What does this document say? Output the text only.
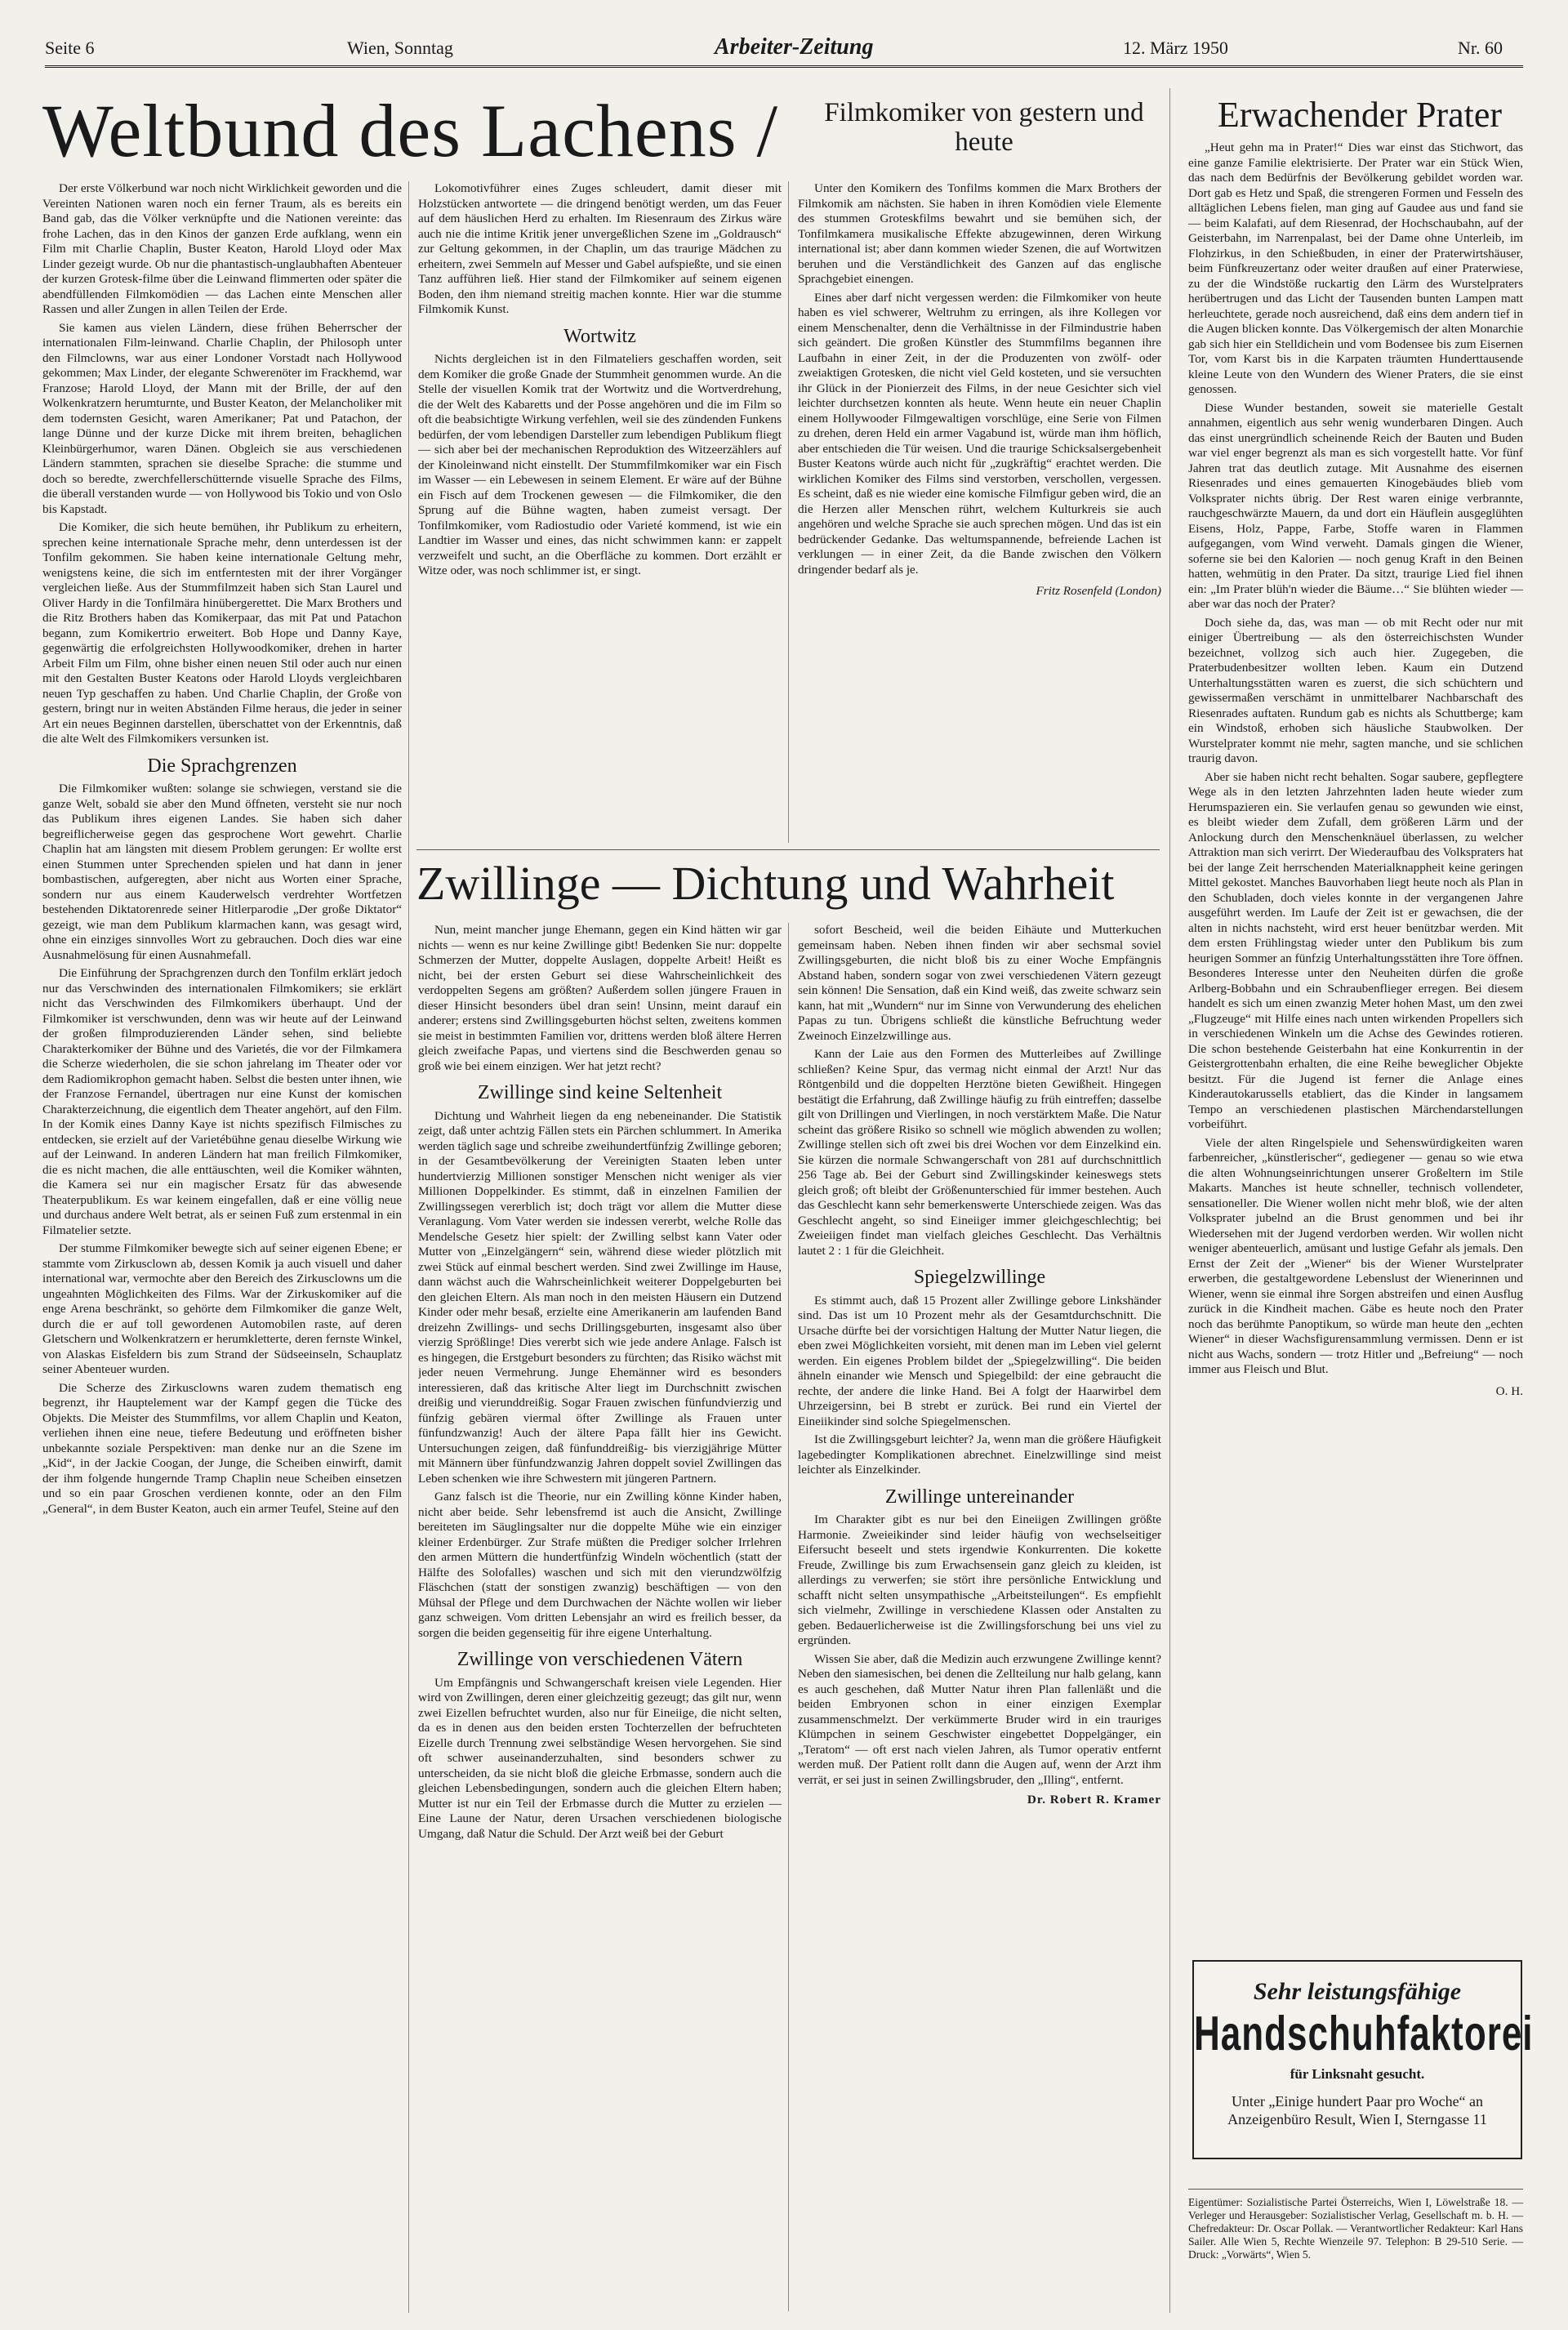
Seite 6	Wien, Sonntag	Arbeiter-Zeitung	12. März 1950	Nr. 60
Weltbund des Lachens /	Filmkomiker von gestern und heute
Erwachender Prater

Der erste Völkerbund war noch nicht Wirklichkeit geworden und die Vereinten Nationen waren noch ein ferner Traum, als es bereits ein Band gab, das die Völker verknüpfte und die Nationen vereinte: das frohe Lachen, das in den Kinos der ganzen Erde aufklang, wenn ein Film mit Charlie Chaplin, Buster Keaton, Harold Lloyd oder Max Linder gezeigt wurde. Ob nur die phantastisch-unglaubhaften Abenteuer der kurzen Grotesk-filme über die Leinwand flimmerten oder später die abendfüllenden Filmkomödien — das Lachen einte Menschen aller Rassen und aller Zungen in allen Teilen der Erde.

Sie kamen aus vielen Ländern, diese frühen Beherrscher der internationalen Film-leinwand. Charlie Chaplin, der Philosoph unter den Filmclowns, war aus einer Londoner Vorstadt nach Hollywood gekommen; Max Linder, der elegante Schwerenöter im Frackhemd, war Franzose; Harold Lloyd, der Mann mit der Brille, der auf den Wolkenkratzern herumturnte, und Buster Keaton, der Melancholiker mit dem todernsten Gesicht, waren Amerikaner; Pat und Patachon, der lange Dünne und der kurze Dicke mit ihrem breiten, behaglichen Kleinbürgerhumor, waren Dänen. Obgleich sie aus verschiedenen Ländern stammten, sprachen sie dieselbe Sprache: die stumme und doch so beredte, zwerchfellerschütternde visuelle Sprache des Films, die überall verstanden wurde — von Hollywood bis Tokio und von Oslo bis Kapstadt.

Die Komiker, die sich heute bemühen, ihr Publikum zu erheitern, sprechen keine internationale Sprache mehr, denn unterdessen ist der Tonfilm gekommen. Sie haben keine internationale Geltung mehr, wenigstens keine, die sich im entferntesten mit der ihrer Vorgänger vergleichen ließe. Aus der Stummfilmzeit haben sich Stan Laurel und Oliver Hardy in die Tonfilmära hinübergerettet. Die Marx Brothers und die Ritz Brothers haben das Komikerpaar, das mit Pat und Patachon begann, zum Komikertrio erweitert. Bob Hope und Danny Kaye, gegenwärtig die erfolgreichsten Hollywoodkomiker, drehen in harter Arbeit Film um Film, ohne bisher einen neuen Stil oder auch nur einen mit den Gestalten Buster Keatons oder Harold Lloyds vergleichbaren neuen Typ geschaffen zu haben. Und Charlie Chaplin, der Große von gestern, bringt nur in weiten Abständen Filme heraus, die jeder in seiner Art ein neues Beginnen darstellen, überschattet von der Erkenntnis, daß die alte Welt des Filmkomikers versunken ist.

Die Sprachgrenzen

Die Filmkomiker wußten: solange sie schwiegen, verstand sie die ganze Welt, sobald sie aber den Mund öffneten, versteht sie nur noch das Publikum ihres eigenen Landes. Sie haben sich daher begreiflicherweise gegen das gesprochene Wort gewehrt. Charlie Chaplin hat am längsten mit diesem Problem gerungen: Er wollte erst einen Stummen unter Sprechenden spielen und hat dann in jener bombastischen, aufgeregten, aber nicht aus Worten einer Sprache, sondern nur aus einem Kauderwelsch verdrehter Wortfetzen bestehenden Diktatorenrede seiner Hitlerparodie „Der große Diktator“ gezeigt, wie man dem Publikum klarmachen kann, was gesagt wird, ohne ein einziges sinnvolles Wort zu gebrauchen. Doch dies war eine Ausnahmelösung für einen Ausnahmefall.

Die Einführung der Sprachgrenzen durch den Tonfilm erklärt jedoch nur das Verschwinden des internationalen Filmkomikers; sie erklärt nicht das Verschwinden des Filmkomikers überhaupt. Und der Filmkomiker ist verschwunden, denn was wir heute auf der Leinwand der großen filmproduzierenden Länder sehen, sind beliebte Charakterkomiker der Bühne und des Varietés, die vor der Filmkamera die Scherze wiederholen, die sie schon jahrelang im Theater oder vor dem Radiomikrophon gemacht haben. Selbst die besten unter ihnen, wie der Franzose Fernandel, übertragen nur eine Kunst der komischen Charakterzeichnung, die eigentlich dem Theater angehört, auf den Film. In der Komik eines Danny Kaye ist nichts spezifisch Filmisches zu entdecken, sie erzielt auf der Varietébühne genau dieselbe Wirkung wie auf der Leinwand. In anderen Ländern hat man freilich Filmkomiker, die es nicht machen, die alle enttäuschten, weil die Komiker wähnten, die Kamera sei nur ein magischer Ersatz für das abwesende Theaterpublikum. Es war keinem eingefallen, daß er eine völlig neue und durchaus andere Welt betrat, als er seinen Fuß zum erstenmal in ein Filmatelier setzte.

Der stumme Filmkomiker bewegte sich auf seiner eigenen Ebene; er stammte vom Zirkusclown ab, dessen Komik ja auch visuell und daher international war, vermochte aber den Bereich des Zirkusclowns um die ungeahnten Möglichkeiten des Films. War der Zirkuskomiker auf die enge Arena beschränkt, so gehörte dem Filmkomiker die ganze Welt, durch die er auf toll gewordenen Automobilen raste, auf deren Gletschern und Wolkenkratzern er herumkletterte, deren fernste Winkel, von Alaskas Eisfeldern bis zum Strand der Südseeinseln, Schauplatz seiner Abenteuer wurden.

Die Scherze des Zirkusclowns waren zudem thematisch eng begrenzt, ihr Hauptelement war der Kampf gegen die Tücke des Objekts. Die Meister des Stummfilms, vor allem Chaplin und Keaton, verliehen ihnen eine neue, tiefere Bedeutung und eröffneten bisher unbekannte soziale Perspektiven: man denke nur an die Szene im „Kid“, in der Jackie Coogan, der Junge, die Scheiben einwirft, damit der ihm folgende hungernde Tramp Chaplin neue Scheiben einsetzen und so ein paar Groschen verdienen konnte, oder an den Film „General“, in dem Buster Keaton, auch ein armer Teufel, Steine auf den

Lokomotivführer eines Zuges schleudert, damit dieser mit Holzstücken antwortete — die dringend benötigt werden, um das Feuer auf dem häuslichen Herd zu erhalten. Im Riesenraum des Zirkus wäre auch nie die intime Kritik jener unvergeßlichen Szene im „Goldrausch“ zur Geltung gekommen, in der Chaplin, um das traurige Mädchen zu erheitern, zwei Semmeln auf Messer und Gabel aufspießte, und sie einen Tanz aufführen ließ. Hier stand der Filmkomiker auf seinem eigenen Boden, den ihm niemand streitig machen konnte. Hier war die stumme Filmkomik Kunst.

Wortwitz

Nichts dergleichen ist in den Filmateliers geschaffen worden, seit dem Komiker die große Gnade der Stummheit genommen wurde. An die Stelle der visuellen Komik trat der Wortwitz und die Wortverdrehung, die der Welt des Kabaretts und der Posse angehören und die im Film so oft die beabsichtigte Wirkung verfehlen, weil sie des zündenden Funkens bedürfen, der vom lebendigen Darsteller zum lebendigen Publikum fliegt — sich aber bei der mechanischen Reproduktion des Witzeerzählers auf der Kinoleinwand nicht einstellt. Der Stummfilmkomiker war ein Fisch im Wasser — ein Lebewesen in seinem Element. Er wäre auf der Bühne ein Fisch auf dem Trockenen gewesen — die Filmkomiker, die den Sprung auf die Bühne wagten, haben zumeist versagt. Der Tonfilmkomiker, vom Radiostudio oder Varieté kommend, ist wie ein Landtier im Wasser und eines, das nicht schwimmen kann: er zappelt verzweifelt und sucht, an die Oberfläche zu kommen. Dort erzählt er Witze oder, was noch schlimmer ist, er singt.

Unter den Komikern des Tonfilms kommen die Marx Brothers der Filmkomik am nächsten. Sie haben in ihren Komödien viele Elemente des stummen Groteskfilms bewahrt und sie bemühen sich, der Tonfilmkamera musikalische Effekte abzugewinnen, deren Wirkung international ist; aber dann kommen wieder Szenen, die auf Wortwitzen beruhen und die Verständlichkeit des Ganzen auf das englische Sprachgebiet einengen.

Eines aber darf nicht vergessen werden: die Filmkomiker von heute haben es viel schwerer, Weltruhm zu erringen, als ihre Kollegen vor einem Menschenalter, denn die Verhältnisse in der Filmindustrie haben sich geändert. Die großen Künstler des Stummfilms begannen ihre Laufbahn in einer Zeit, in der die Produzenten von zwölf- oder zweiaktigen Grotesken, die nicht viel Geld kosteten, und sie versuchten ihr Glück in der Pionierzeit des Films, in der neue Gesichter sich viel leichter durchsetzen konnten als heute. Wenn heute ein neuer Chaplin einem Hollywooder Filmgewaltigen vorschlüge, eine Serie von Filmen zu drehen, deren Held ein armer Vagabund ist, würde man ihm höflich, aber entschieden die Tür weisen. Und die traurige Schicksalsergebenheit Buster Keatons würde auch nicht für „zugkräftig“ erachtet werden. Die wirklichen Komiker des Films sind verstorben, verschollen, vergessen. Es scheint, daß es nie wieder eine komische Filmfigur geben wird, die an die Herzen aller Menschen rührt, welchem Kulturkreis sie auch angehören und welche Sprache sie auch sprechen mögen. Und das ist ein bedrückender Gedanke. Das weltumspannende, befreiende Lachen ist verklungen — in einer Zeit, da die Bande zwischen den Völkern dringender bedarf als je.

Fritz Rosenfeld (London)
Zwillinge — Dichtung und Wahrheit

Nun, meint mancher junge Ehemann, gegen ein Kind hätten wir gar nichts — wenn es nur keine Zwillinge gibt! Bedenken Sie nur: doppelte Schmerzen der Mutter, doppelte Auslagen, doppelte Arbeit! Heißt es nicht, bei der ersten Geburt sei diese Wahrscheinlichkeit des verdoppelten Segens am größten? Außerdem sollen jüngere Frauen in dieser Hinsicht besonders übel dran sein! Unsinn, meint darauf ein anderer; erstens sind Zwillingsgeburten höchst selten, zweitens kommen sie meist in bestimmten Familien vor, drittens werden bloß ältere Herren gleich zweifache Papas, und viertens sind die Beschwerden genau so groß wie bei einem einzigen. Wer hat jetzt recht?

Zwillinge sind keine Seltenheit

Dichtung und Wahrheit liegen da eng nebeneinander. Die Statistik zeigt, daß unter achtzig Fällen stets ein Pärchen schlummert. In Amerika werden täglich sage und schreibe zweihundertfünfzig Zwillinge geboren; in der Gesamtbevölkerung der Vereinigten Staaten leben unter hundertvierzig Millionen sonstiger Menschen nicht weniger als vier Millionen Doppelkinder. Es stimmt, daß in einzelnen Familien der Zwillingssegen vererblich ist; doch trägt vor allem die Mutter diese Veranlagung. Vom Vater werden sie indessen vererbt, welche Rolle das Mendelsche Gesetz hier spielt: der Zwilling selbst kann Vater oder Mutter von „Einzelgängern“ sein, während diese wieder plötzlich mit zwei Stück auf einmal beschert werden. Sind zwei Zwillinge im Hause, dann wächst auch die Wahrscheinlichkeit weiterer Doppelgeburten bei den gleichen Eltern. Als man noch in den meisten Häusern ein Dutzend Kinder oder mehr besaß, erzielte eine Amerikanerin am laufenden Band dreizehn Zwillings- und sechs Drillingsgeburten, insgesamt also über vierzig Sprößlinge! Dies vererbt sich wie jede andere Anlage. Falsch ist es hingegen, die Erstgeburt besonders zu fürchten; das Risiko wächst mit jeder neuen Vermehrung. Junge Ehemänner wird es besonders interessieren, daß das kritische Alter liegt im Durchschnitt zwischen dreißig und vierunddreißig. Sogar Frauen zwischen fünfundvierzig und fünfzig gebären viermal öfter Zwillinge als Frauen unter fünfundzwanzig! Auch der ältere Papa fällt hier ins Gewicht. Untersuchungen zeigen, daß fünfunddreißig- bis vierzigjährige Mütter mit Männern über fünfundzwanzig Jahren doppelt soviel Zwillingen das Leben schenken wie ihre Schwestern mit jüngeren Partnern.

Ganz falsch ist die Theorie, nur ein Zwilling könne Kinder haben, nicht aber beide. Sehr lebensfremd ist auch die Ansicht, Zwillinge bereiteten im Säuglingsalter nur die doppelte Mühe wie ein einziger kleiner Erdenbürger. Zur Strafe müßten die Prediger solcher Irrlehren den armen Müttern die hundertfünfzig Windeln wöchentlich (statt der Hälfte des Solofalles) waschen und sich mit den vierundzwölfzig Fläschchen (statt der sonstigen zwanzig) beschäftigen — von den Mühsal der Pflege und dem Durchwachen der Nächte wollen wir lieber ganz schweigen. Vom dritten Lebensjahr an wird es freilich besser, da sorgen die beiden gegenseitig für ihre eigene Unterhaltung.

Zwillinge von verschiedenen Vätern

Um Empfängnis und Schwangerschaft kreisen viele Legenden. Hier wird von Zwillingen, deren einer gleichzeitig gezeugt; das gilt nur, wenn zwei Eizellen befruchtet wurden, also nur für Eineiige, die nicht selten, da es in denen aus den beiden ersten Tochterzellen der befruchteten Eizelle durch Trennung zwei selbständige Wesen hervorgehen. Sie sind oft schwer auseinanderzuhalten, sind besonders schwer zu unterscheiden, da sie nicht bloß die gleiche Erbmasse, sondern auch die gleichen Lebensbedingungen, sondern auch die gleichen Eltern haben; Mutter ist nur ein Teil der Erbmasse durch die Mutter zu erzielen — Eine Laune der Natur, deren Ursachen verschiedenen biologische Umgang, daß Natur die Schuld. Der Arzt weiß bei der Geburt

sofort Bescheid, weil die beiden Eihäute und Mutterkuchen gemeinsam haben. Neben ihnen finden wir aber sechsmal soviel Zwillingsgeburten, die nicht bloß bis zu einer Woche Empfängnis Abstand haben, sondern sogar von zwei verschiedenen Vätern gezeugt sein können! Die Sensation, daß ein Kind weiß, das zweite schwarz sein kann, hat mit „Wundern“ nur im Sinne von Verwunderung des ehelichen Papas zu tun. Übrigens schließt die künstliche Befruchtung weder Zweinoch Einzelzwillinge aus.

Kann der Laie aus den Formen des Mutterleibes auf Zwillinge schließen? Keine Spur, das vermag nicht einmal der Arzt! Nur das Röntgenbild und die doppelten Herztöne bieten Gewißheit. Hingegen bestätigt die Erfahrung, daß Zwillinge häufig zu früh eintreffen; dasselbe gilt von Drillingen und Vierlingen, in noch verstärktem Maße. Die Natur scheint das größere Risiko so schnell wie möglich abwenden zu wollen; Zwillinge stellen sich oft zwei bis drei Wochen vor dem Einzelkind ein. Sie kürzen die normale Schwangerschaft von 281 auf durchschnittlich 256 Tage ab. Bei der Geburt sind Zwillingskinder keineswegs stets gleich groß; oft bleibt der Größenunterschied für immer bestehen. Auch das Geschlecht kann sehr bemerkenswerte Unterschiede zeigen. Was das Geschlecht angeht, so sind Eineiiger immer gleichgeschlechtig; bei Zweieiigen findet man vielfach gleiches Geschlecht. Das Verhältnis lautet 2 : 1 für die Gleichheit.

Spiegelzwillinge

Es stimmt auch, daß 15 Prozent aller Zwillinge gebore Linkshänder sind. Das ist um 10 Prozent mehr als der Gesamtdurchschnitt. Die Ursache dürfte bei der vorsichtigen Haltung der Mutter Natur liegen, die eben zwei Möglichkeiten vorsieht, mit denen man im Leben viel gelernt werden. Ein eigenes Problem bildet der „Spiegelzwilling“. Die beiden ähneln einander wie Mensch und Spiegelbild: der eine gebraucht die rechte, der andere die linke Hand. Bei A folgt der Haarwirbel dem Uhrzeigersinn, bei B strebt er zurück. Bei rund ein Viertel der Eineiikinder sind solche Spiegelmenschen.

Ist die Zwillingsgeburt leichter? Ja, wenn man die größere Häufigkeit lagebedingter Komplikationen abrechnet. Einelzwillinge sind meist leichter als Einzelkinder.

Zwillinge untereinander

Im Charakter gibt es nur bei den Eineiigen Zwillingen größte Harmonie. Zweieikinder sind leider häufig von wechselseitiger Eifersucht beseelt und stets irgendwie Konkurrenten. Die kokette Freude, Zwillinge bis zum Erwachsensein ganz gleich zu kleiden, ist allerdings zu verwerfen; sie stört ihre persönliche Entwicklung und schafft nicht selten unsympathische „Arbeitsteilungen“. Es empfiehlt sich vielmehr, Zwillinge in verschiedene Klassen oder Anstalten zu geben. Bedauerlicherweise ist die Zwillingsforschung bei uns viel zu ergründen.

Wissen Sie aber, daß die Medizin auch erzwungene Zwillinge kennt? Neben den siamesischen, bei denen die Zellteilung nur halb gelang, kann es auch geschehen, daß Mutter Natur ihren Plan fallenläßt und die beiden Embryonen schon in einer einzigen Exemplar zusammenschmelzt. Der verkümmerte Bruder wird in ein trauriges Klümpchen in seinem Geschwister eingebettet Doppelgänger, ein „Teratom“ — oft erst nach vielen Jahren, als Tumor operativ entfernt werden muß. Der Patient rollt dann die Augen auf, wenn der Arzt ihm verrät, er sei just in seinen Zwillingsbruder, den „Illing“, entfernt.

Dr. Robert R. Kramer

„Heut gehn ma in Prater!“ Dies war einst das Stichwort, das eine ganze Familie elektrisierte. Der Prater war ein Stück Wien, das nach dem Bedürfnis der Bevölkerung gebildet worden war. Dort gab es Hetz und Spaß, die strengeren Formen und Fesseln des alltäglichen Lebens fielen, man ging auf Gaudee aus und fand sie — beim Kalafati, auf dem Riesenrad, der Hochschaubahn, auf der Geisterbahn, im Narrenpalast, bei der Dame ohne Unterleib, im Flohzirkus, in den Schießbuden, in einer der Praterwirtshäuser, beim Fünfkreuzertanz oder weiter draußen auf einer Praterwiese, zu der die Windstöße ruckartig den Lärm des Wurstelpraters herübertrugen und das Licht der Tausenden bunten Lampen matt herleuchtete, gerade noch ausreichend, daß eins dem andern tief in die Augen blicken konnte. Das Völkergemisch der alten Monarchie gab sich hier ein Stelldichein und vom Bodensee bis zum Eisernen Tor, vom Karst bis in die Karpaten träumten Hunderttausende kleine Leute von den Wundern des Wiener Praters, die sie einst genossen.

Diese Wunder bestanden, soweit sie materielle Gestalt annahmen, eigentlich aus sehr wenig wunderbaren Dingen. Auch das einst unergründlich scheinende Reich der Bauten und Buden war viel enger begrenzt als man es sich vorgestellt hatte. Vor fünf Jahren trat das deutlich zutage. Mit Ausnahme des eisernen Riesenrades und eines gemauerten Kinogebäudes blieb vom Volksprater nichts übrig. Der Rest waren einige verbrannte, rauchgeschwärzte Mauern, da und dort ein Häuflein ausgeglühten Eisens, Holz, Pappe, Farbe, Stoffe waren in Flammen aufgegangen, vom Wind verweht. Damals gingen die Wiener, soferne sie bei den Kalorien — noch genug Kraft in den Beinen hatten, wehmütig in den Prater. Da sitzt, traurige Lied fiel ihnen ein: „Im Prater blüh'n wieder die Bäume…“ Sie blühten wieder — aber war das noch der Prater?

Doch siehe da, das, was man — ob mit Recht oder nur mit einiger Übertreibung — als den österreichischsten Wunder bezeichnet, vollzog sich auch hier. Zugegeben, die Praterbudenbesitzer wollten leben. Kaum ein Dutzend Unterhaltungsstätten waren es zuerst, die sich schüchtern und gewissermaßen verschämt in unmittelbarer Nachbarschaft des Riesenrades auftaten. Rundum gab es nichts als Schuttberge; kam ein Windstoß, erhoben sich häusliche Staubwolken. Der Wurstelprater kommt nie mehr, sagten manche, und sie schlichen traurig davon.

Aber sie haben nicht recht behalten. Sogar saubere, gepflegtere Wege als in den letzten Jahrzehnten laden heute wieder zum Herumspazieren ein. Sie verlaufen genau so gewunden wie einst, es bleibt wieder dem Zufall, dem größeren Lärm und der Anlockung durch den Menschenknäuel überlassen, zu welcher Attraktion man sich verirrt. Der Wiederaufbau des Volkspraters hat bei der lange Zeit herrschenden Materialknappheit keine geringen Mittel gekostet. Manches Bauvorhaben liegt heute noch als Plan in den Schubladen, doch vieles konnte in der vergangenen Jahre ausgeführt werden. Im Laufe der Zeit ist er gewachsen, die der alten in nichts nachsteht, wird erst heuer benützbar werden. Mit dem ersten Frühlingstag wieder unter den Publikum bis zum heurigen Sommer an fünfzig Unterhaltungsstätten ihre Tore öffnen. Besonderes Interesse unter den Neuheiten dürfen die große Arlberg-Bobbahn und ein Schraubenflieger erregen. Bei diesem handelt es sich um einen zwanzig Meter hohen Mast, um den zwei „Flugzeuge“ mit Hilfe eines nach unten wirkenden Propellers sich in verschiedenen Winkeln um die Achse des Gewindes rotieren. Die schon bestehende Geisterbahn hat eine Konkurrentin in der Geistergrottenbahn erhalten, die eine Reihe beweglicher Objekte besitzt. Für die Jugend ist ferner die Anlage eines Kinderautokarussells etabliert, das die Kinder in langsamem Tempo an verschiedenen plastischen Märchendarstellungen vorbeiführt.

Viele der alten Ringelspiele und Sehenswürdigkeiten waren farbenreicher, „künstlerischer“, gediegener — genau so wie etwa die alten Wohnungseinrichtungen unserer Großeltern im Stile Makarts. Manches ist heute schneller, technisch vollendeter, sensationeller. Die Wiener wollen nicht mehr bloß, wie der alten Volksprater jubelnd an die Brust genommen und bei ihr Wiedersehen mit der Jugend verdorben werden. Wir wollen nicht weniger abenteuerlich, amüsant und lustige Gefahr als jemals. Den Ernst der Zeit der „Wiener“ bis der Wiener Wurstelprater erwerben, die gestaltgewordene Lebenslust der Wienerinnen und Wiener, wenn sie einmal ihre Sorgen abstreifen und einen Ausflug zurück in die Kindheit machen. Gäbe es heute noch den Prater noch das berühmte Panoptikum, so würde man heute den „echten Wiener“ in dieser Wachsfigurensammlung vermissen. Denn er ist nicht aus Wachs, sondern — trotz Hitler und „Befreiung“ — noch immer aus Fleisch und Blut.

O. H.
Sehr leistungsfähige
Handschuhfaktorei
für Linksnaht gesucht.
Unter „Einige hundert Paar pro Woche“ an Anzeigenbüro Result, Wien I, Sterngasse 11
Eigentümer: Sozialistische Partei Österreichs, Wien I, Löwelstraße 18. — Verleger und Herausgeber: Sozialistischer Verlag, Gesellschaft m. b. H. — Chefredakteur: Dr. Oscar Pollak. — Verantwortlicher Redakteur: Karl Hans Sailer. Alle Wien 5, Rechte Wienzeile 97. Telephon: B 29-510 Serie. — Druck: „Vorwärts“, Wien 5.
